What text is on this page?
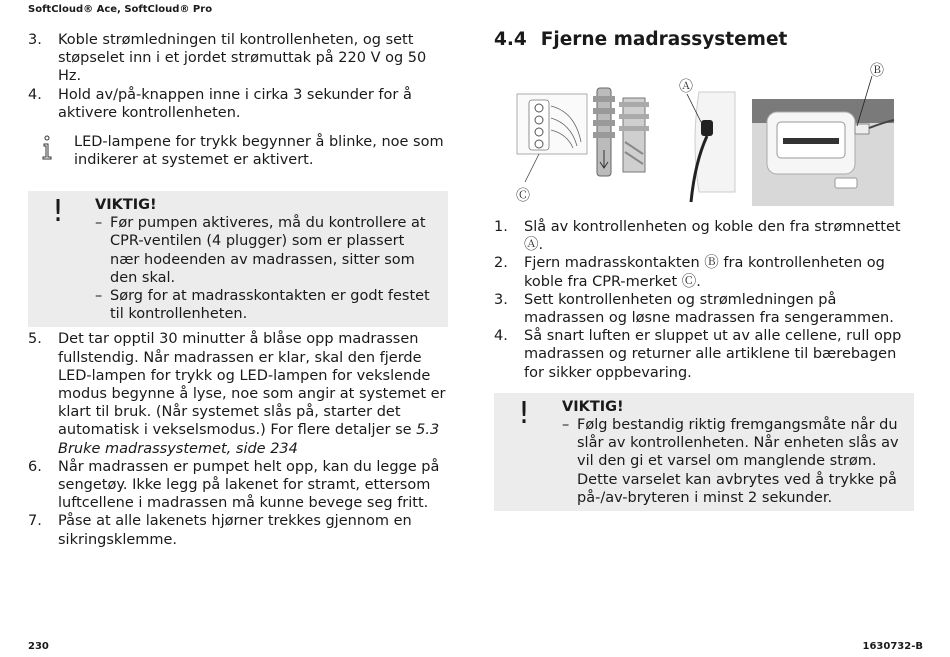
SoftCloud® Ace, SoftCloud® Pro
3. Koble strømledningen til kontrollenheten, og sett støpselet inn i et jordet strømuttak på 220 V og 50 Hz.
4. Hold av/på-knappen inne i cirka 3 sekunder for å aktivere kontrollenheten.
LED-lampene for trykk begynner å blinke, noe som indikerer at systemet er aktivert.
! VIKTIG!
– Før pumpen aktiveres, må du kontrollere at CPR-ventilen (4 plugger) som er plassert nær hodeenden av madrassen, sitter som den skal.
– Sørg for at madrasskontakten er godt festet til kontrollenheten.
5. Det tar opptil 30 minutter å blåse opp madrassen fullstendig. Når madrassen er klar, skal den fjerde LED-lampen for trykk og LED-lampen for vekslende modus begynne å lyse, noe som angir at systemet er klart til bruk. (Når systemet slås på, starter det automatisk i vekselsmodus.) For flere detaljer se 5.3 Bruke madrassystemet, side 234
6. Når madrassen er pumpet helt opp, kan du legge på sengetøy. Ikke legg på lakenet for stramt, ettersom luftcellene i madrassen må kunne bevege seg fritt.
7. Påse at alle lakenets hjørner trekkes gjennom en sikringsklemme.
4.4 Fjerne madrassystemet
Ⓐ
Ⓑ
Ⓒ
1. Slå av kontrollenheten og koble den fra strømnettet Ⓐ.
2. Fjern madrasskontakten Ⓑ fra kontrollenheten og koble fra CPR-merket Ⓒ.
3. Sett kontrollenheten og strømledningen på madrassen og løsne madrassen fra sengerammen.
4. Så snart luften er sluppet ut av alle cellene, rull opp madrassen og returner alle artiklene til bærebagen for sikker oppbevaring.
! VIKTIG!
– Følg bestandig riktig fremgangsmåte når du slår av kontrollenheten. Når enheten slås av vil den gi et varsel om manglende strøm. Dette varselet kan avbrytes ved å trykke på på-/av-bryteren i minst 2 sekunder.
230	1630732-B
